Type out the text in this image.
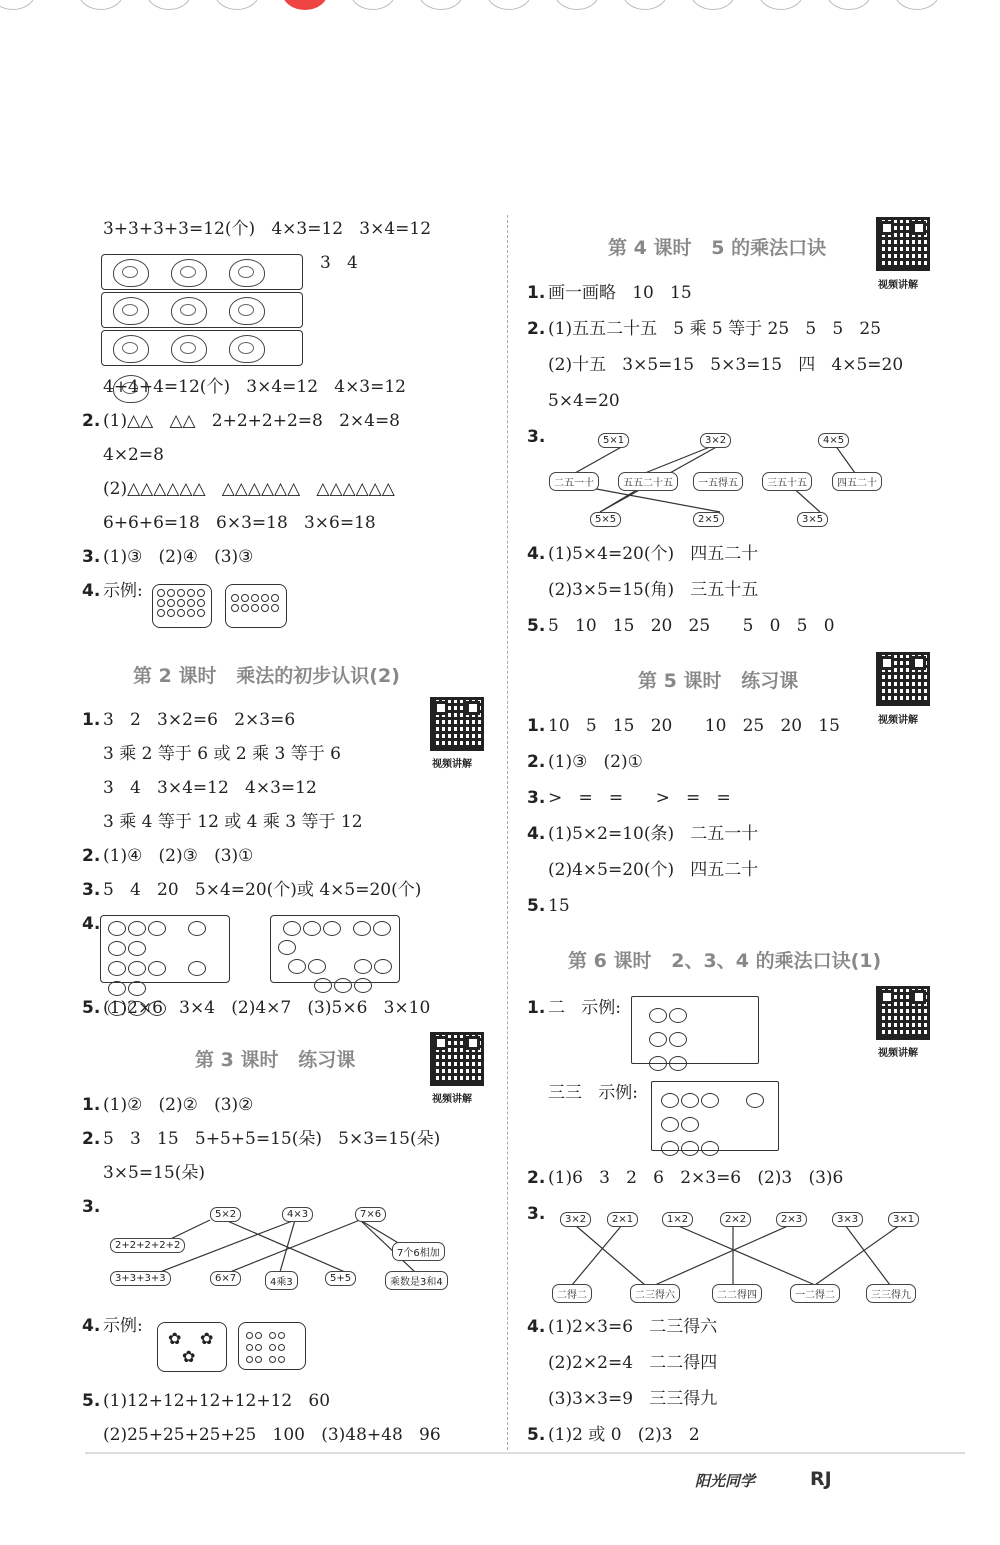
3+3+3+3=12(个)   4×3=12   3×4=12
3   4
4+4+4=12(个)   3×4=12   4×3=12
2. (1)△△   △△   2+2+2+2=8   2×4=8
4×2=8
(2)△△△△△△   △△△△△△   △△△△△△
6+6+6=18   6×3=18   3×6=18
3. (1)③   (2)④   (3)③
4. 示例:

第 2 课时   乘法的初步认识(2)
视频讲解
1. 3   2   3×2=6   2×3=6
3 乘 2 等于 6 或 2 乘 3 等于 6
3   4   3×4=12   4×3=12
3 乘 4 等于 12 或 4 乘 3 等于 12
2. (1)④   (2)③   (3)①
3. 5   4   20   5×4=20(个)或 4×5=20(个)
4.

5. (1)2×6   3×4   (2)4×7   (3)5×6   3×10
第 3 课时   练习课
视频讲解
1. (1)②   (2)②   (3)②
2. 5   3   15   5+5+5=15(朵)   5×3=15(朵)
3×5=15(朵)
3.	5×2	4×3	7×6
2+2+2+2+2
7个6相加
3+3+3+3	6×7	4乘3	5+5	乘数是3和4
4. 示例:
✿ ✿
✿

5. (1)12+12+12+12+12   60
(2)25+25+25+25   100   (3)48+48   96
第 4 课时   5 的乘法口诀
视频讲解
1. 画一画略   10   15
2. (1)五五二十五   5 乘 5 等于 25   5   5   25
(2)十五   3×5=15   5×3=15   四   4×5=20
5×4=20
3.	5×1	3×2	4×5
二五一十	五五二十五	一五得五	三五十五	四五二十
5×5	2×5	3×5
4. (1)5×4=20(个)   四五二十
(2)3×5=15(角)   三五十五
5. 5   10   15   20   25      5   0   5   0
第 5 课时   练习课
视频讲解
1. 10   5   15   20      10   25   20   15
2. (1)③   (2)①
3. >   =   =      >   =   =
4. (1)5×2=10(条)   二五一十
(2)4×5=20(个)   四五二十
5. 15
第 6 课时   2、3、4 的乘法口诀(1)
视频讲解
1. 二   示例:

三三   示例:

2. (1)6   3   2   6   2×3=6   (2)3   (3)6
3.	3×2	2×1	1×2	2×2	2×3	3×3	3×1
二得二	二三得六	二二得四	一二得二	三三得九
4. (1)2×3=6   二三得六
(2)2×2=4   二二得四
(3)3×3=9   三三得九
5. (1)2 或 0   (2)3   2
阳光同学	RJ
